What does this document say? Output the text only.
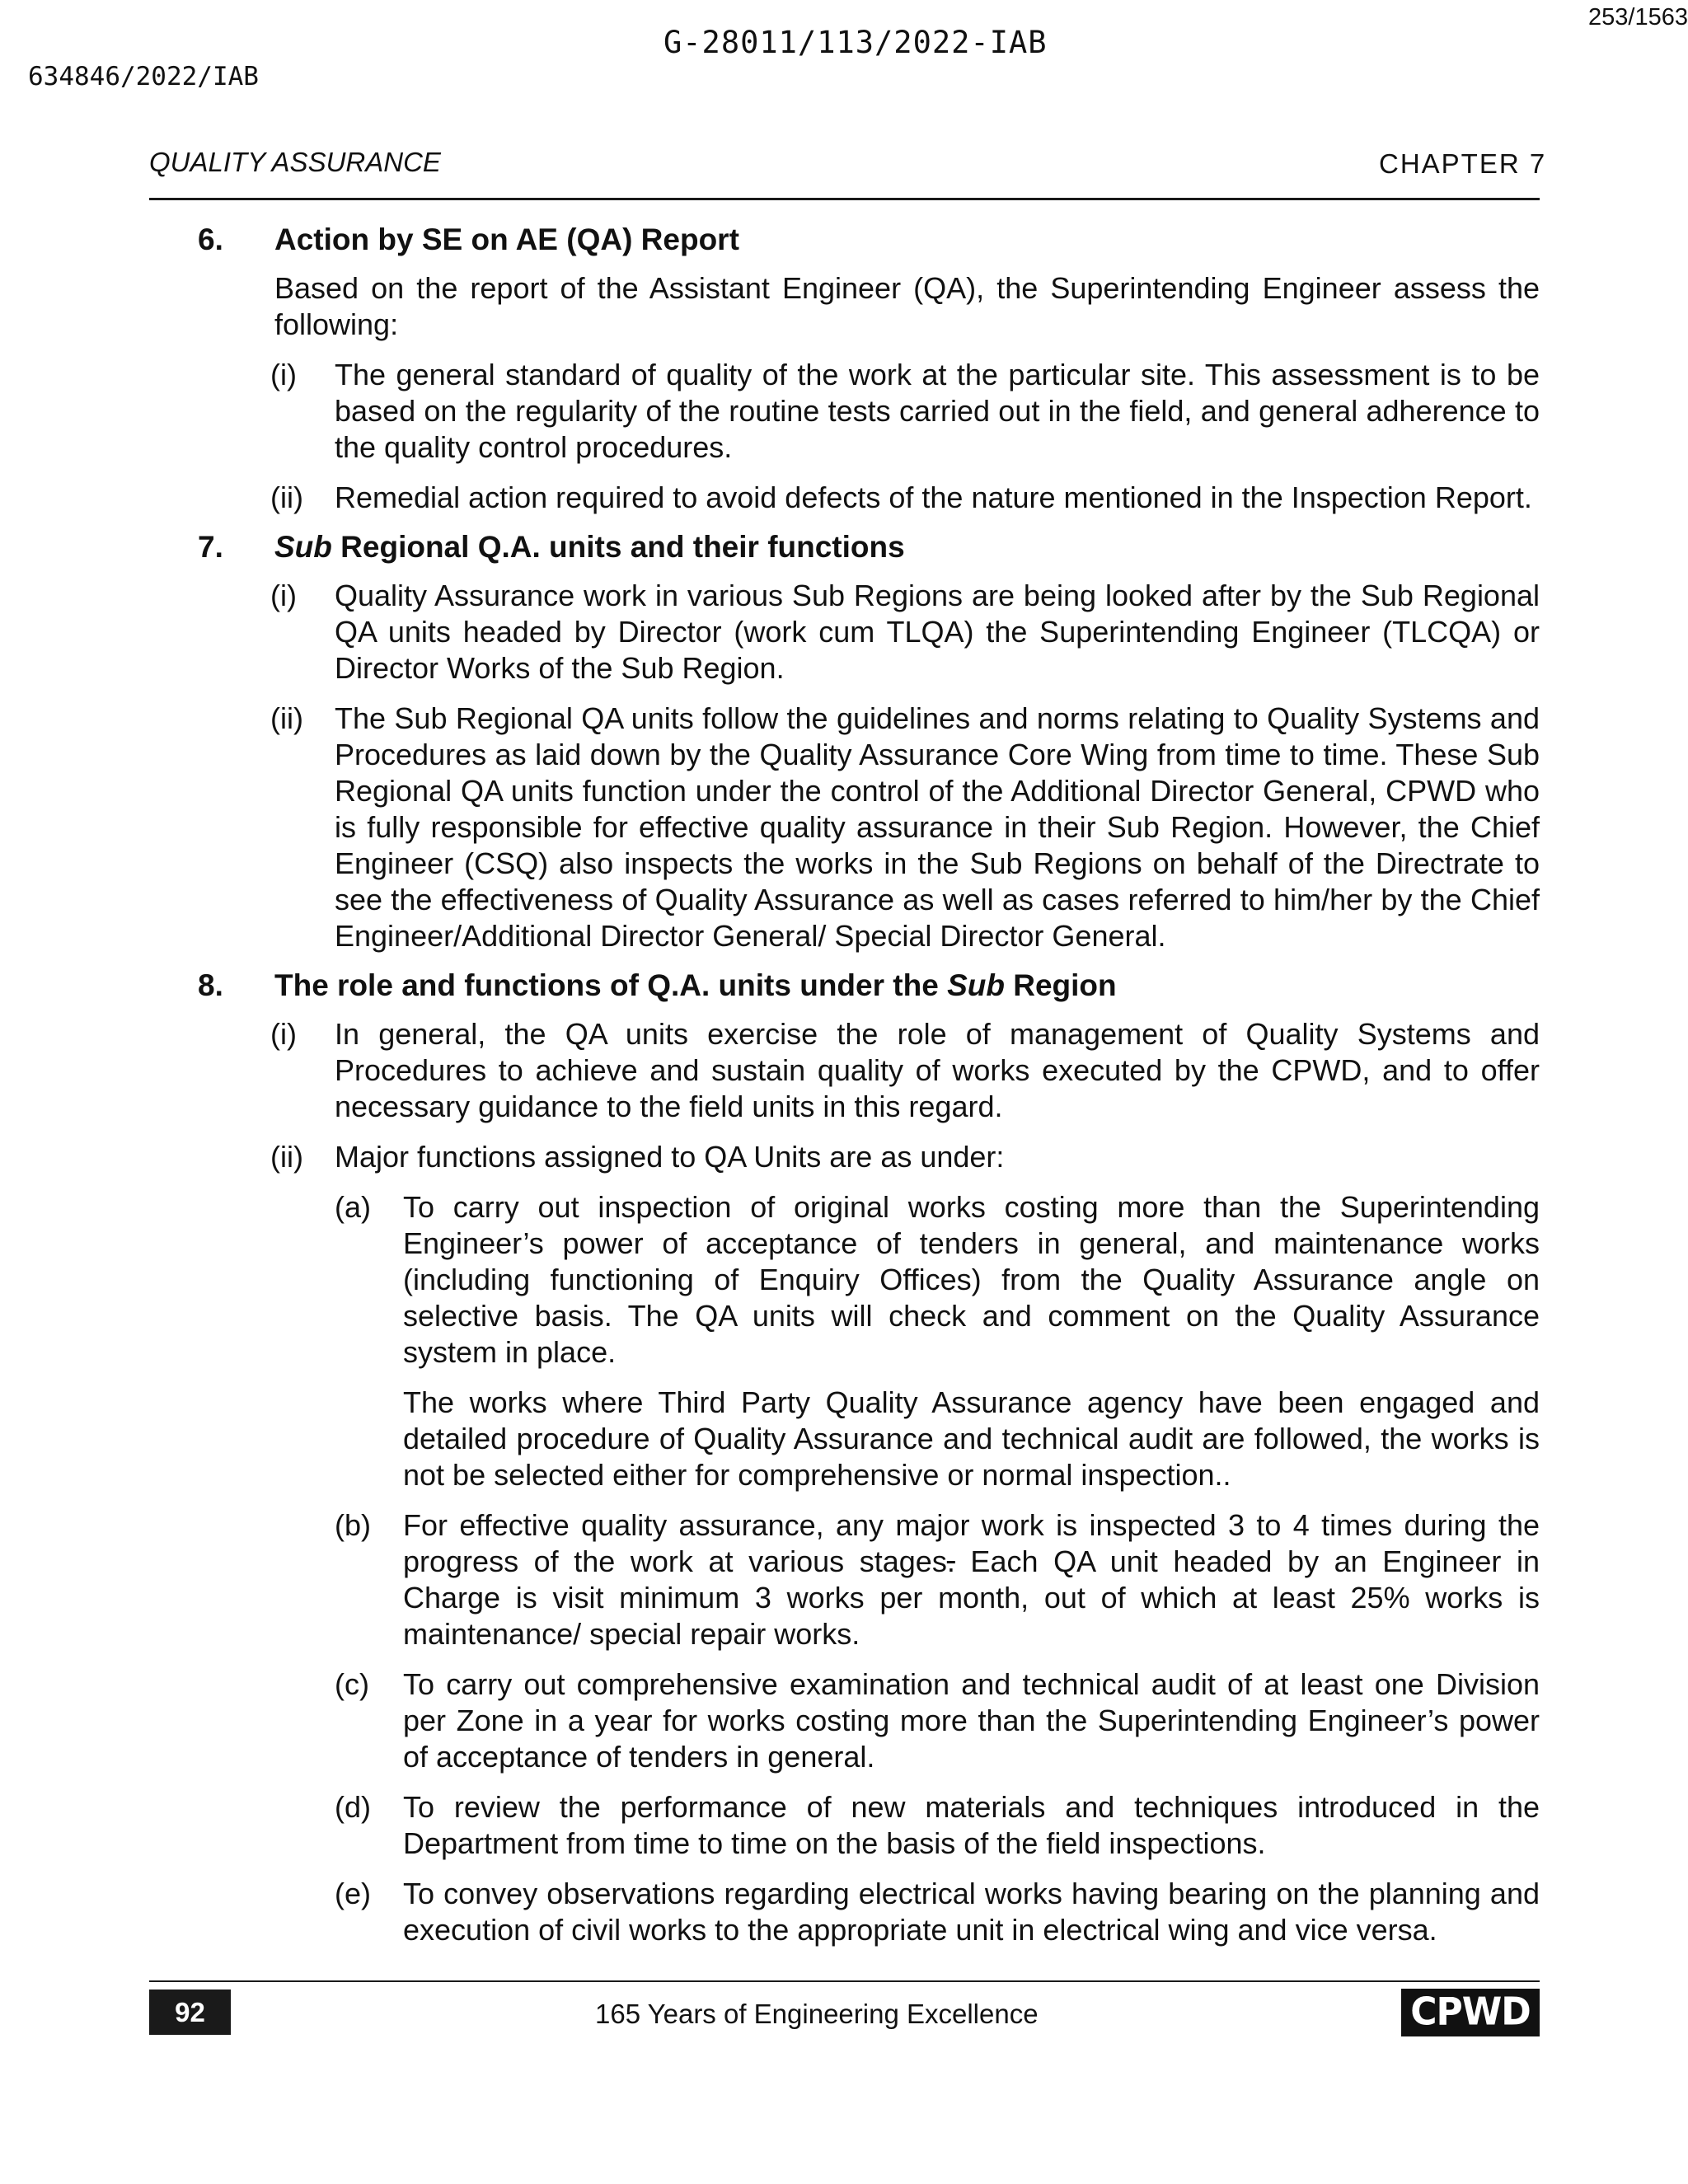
G-28011/113/2022-IAB
253/1563
634846/2022/IAB
QUALITY ASSURANCE	CHAPTER 7
6. Action by SE on AE (QA) Report
Based on the report of the Assistant Engineer (QA), the Superintending Engineer assess the following:
(i) The general standard of quality of the work at the particular site. This assessment is to be based on the regularity of the routine tests carried out in the field, and general adherence to the quality control procedures.
(ii) Remedial action required to avoid defects of the nature mentioned in the Inspection Report.
7. Sub Regional Q.A. units and their functions
(i) Quality Assurance work in various Sub Regions are being looked after by the Sub Regional QA units headed by Director (work cum TLQA) the Superintending Engineer (TLCQA) or Director Works of the Sub Region.
(ii) The Sub Regional QA units follow the guidelines and norms relating to Quality Systems and Procedures as laid down by the Quality Assurance Core Wing from time to time. These Sub Regional QA units function under the control of the Additional Director General, CPWD who is fully responsible for effective quality assurance in their Sub Region. However, the Chief Engineer (CSQ) also inspects the works in the Sub Regions on behalf of the Directrate to see the effectiveness of Quality Assurance as well as cases referred to him/her by the Chief Engineer/Additional Director General/ Special Director General.
8. The role and functions of Q.A. units under the Sub Region
(i) In general, the QA units exercise the role of management of Quality Systems and Procedures to achieve and sustain quality of works executed by the CPWD, and to offer necessary guidance to the field units in this regard.
(ii) Major functions assigned to QA Units are as under:
(a) To carry out inspection of original works costing more than the Superintending Engineer’s power of acceptance of tenders in general, and maintenance works (including functioning of Enquiry Offices) from the Quality Assurance angle on selective basis. The QA units will check and comment on the Quality Assurance system in place.
The works where Third Party Quality Assurance agency have been engaged and detailed procedure of Quality Assurance and technical audit are followed, the works is not be selected either for comprehensive or normal inspection..
(b) For effective quality assurance, any major work is inspected 3 to 4 times during the progress of the work at various stages. Each QA unit headed by an Engineer in Charge is visit minimum 3 works per month, out of which at least 25% works is maintenance/ special repair works.
(c) To carry out comprehensive examination and technical audit of at least one Division per Zone in a year for works costing more than the Superintending Engineer’s power of acceptance of tenders in general.
(d) To review the performance of new materials and techniques introduced in the Department from time to time on the basis of the field inspections.
(e) To convey observations regarding electrical works having bearing on the planning and execution of civil works to the appropriate unit in electrical wing and vice versa.
92	165 Years of Engineering Excellence	CPWD
